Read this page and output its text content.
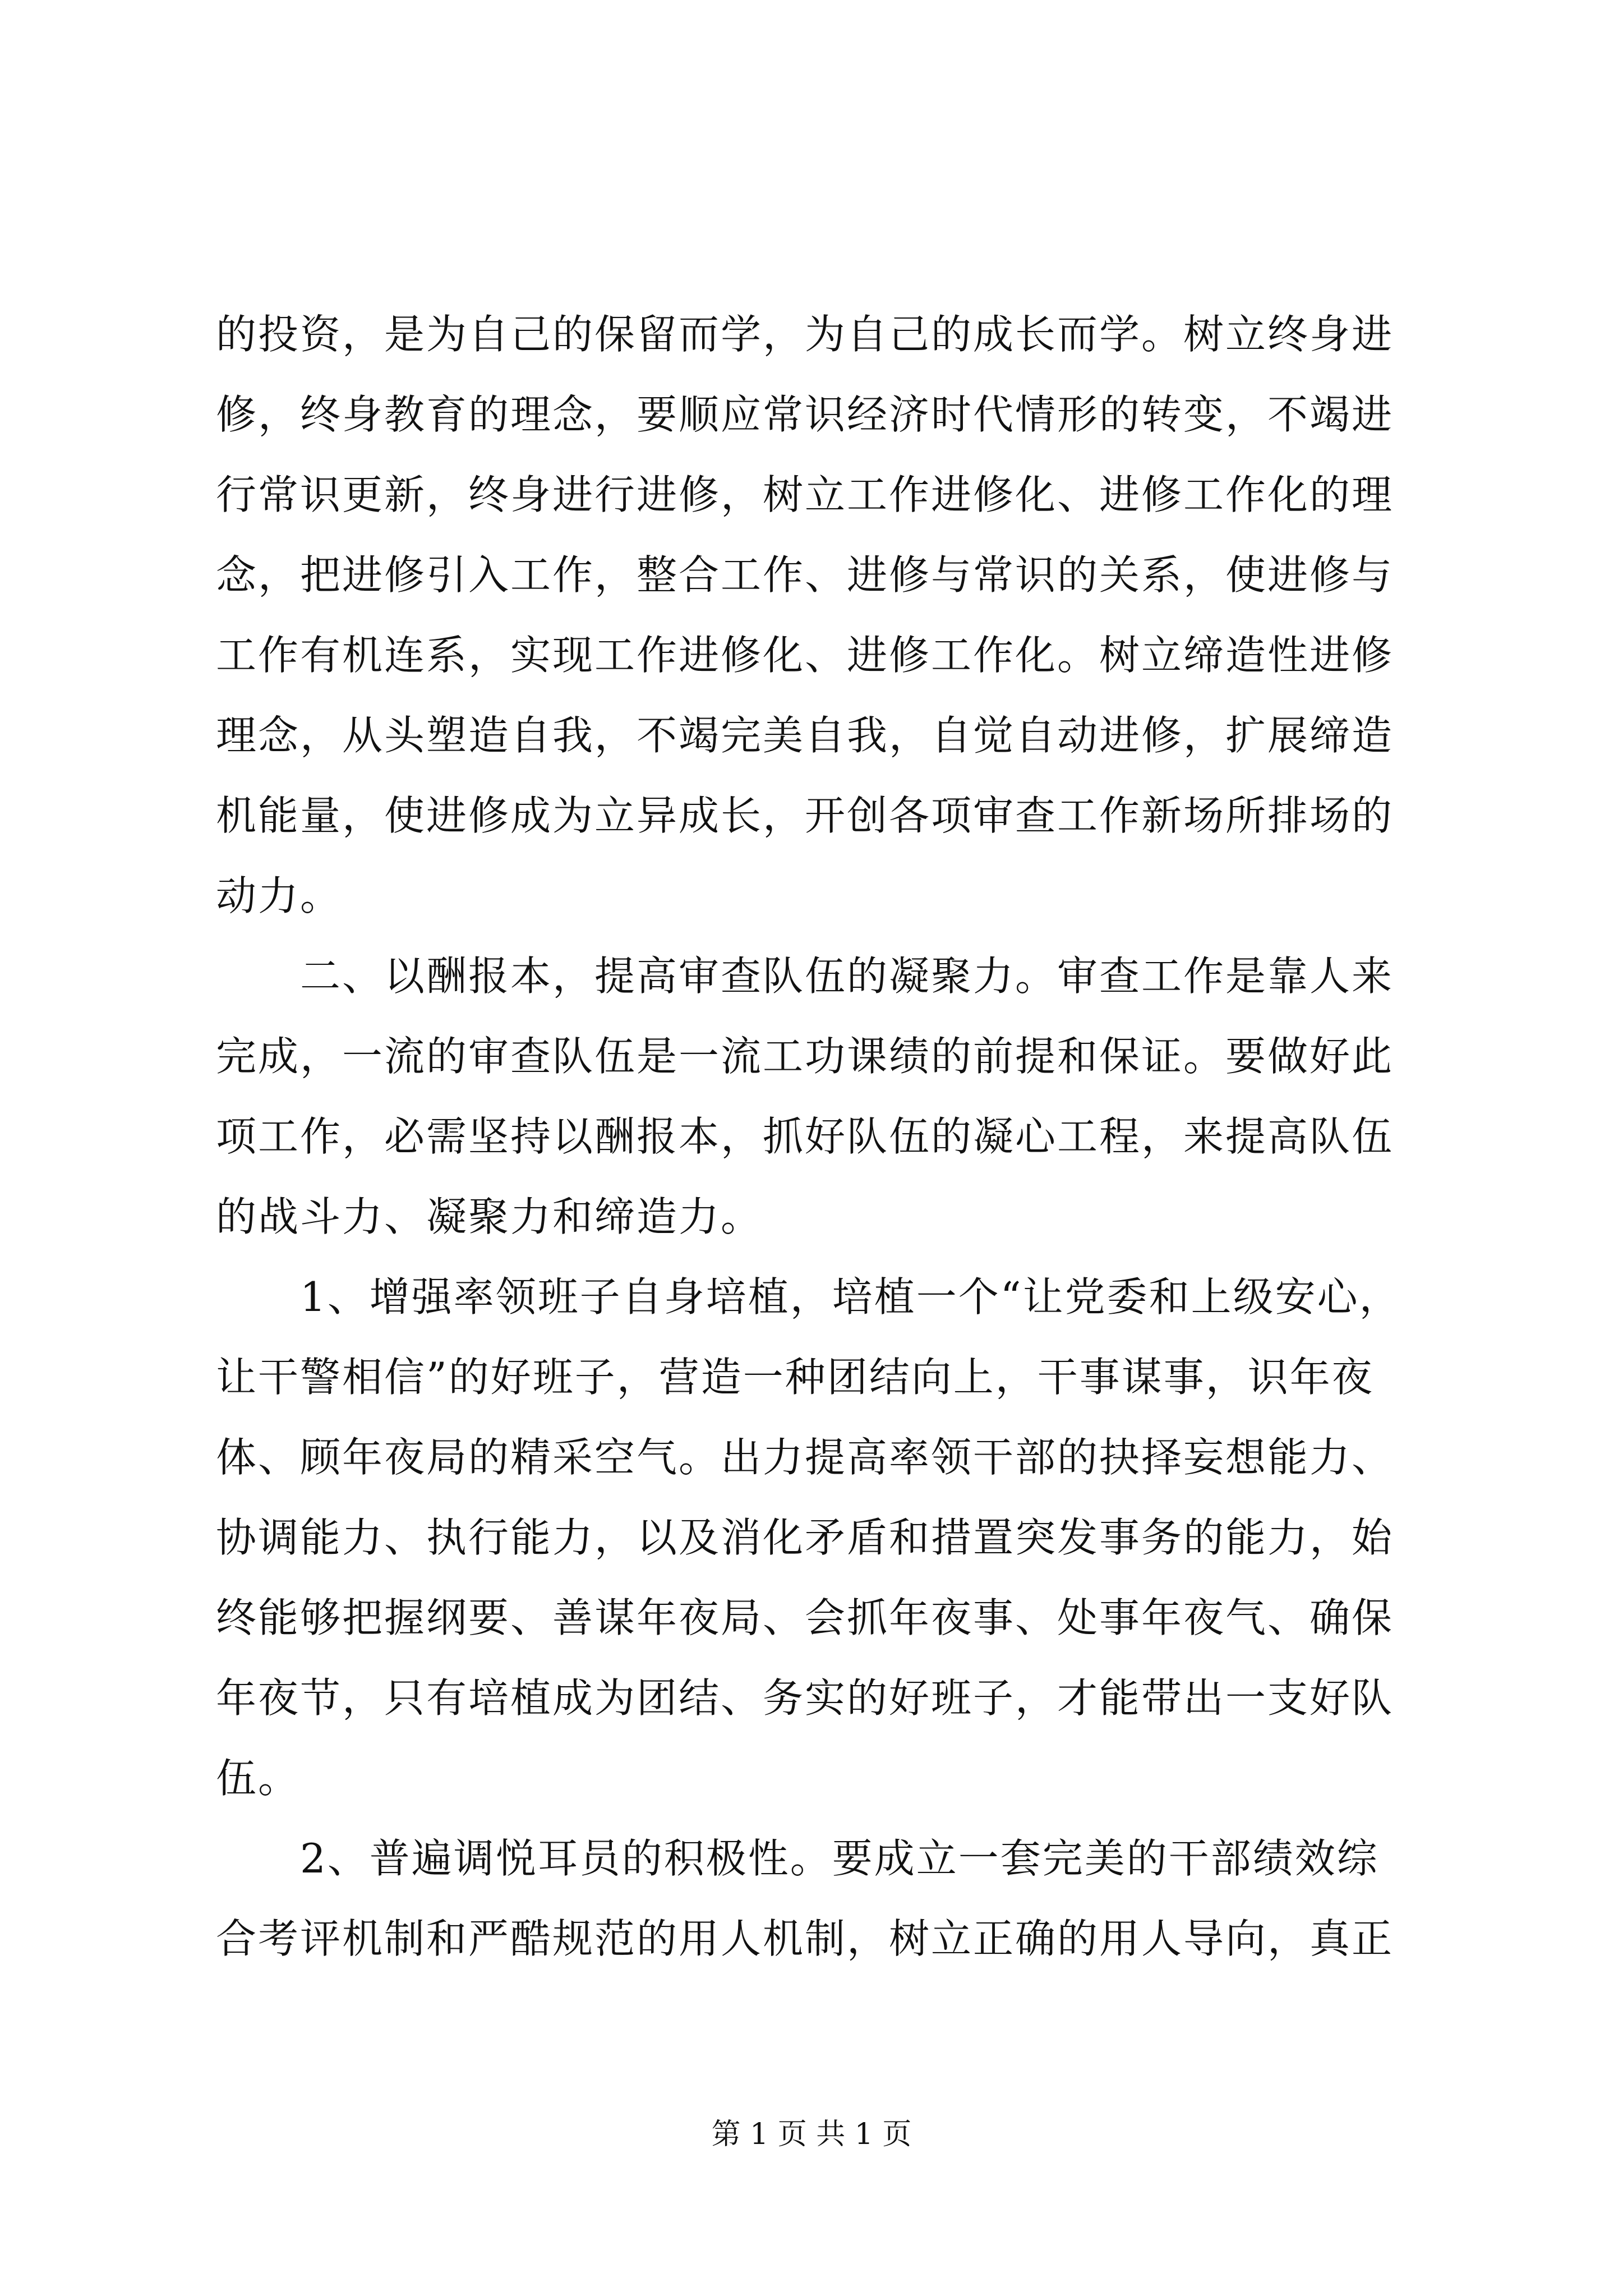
的投资，是为自己的保留而学，为自己的成长而学。树立终身进
修，终身教育的理念，要顺应常识经济时代情形的转变，不竭进
行常识更新，终身进行进修，树立工作进修化、进修工作化的理
念，把进修引入工作，整合工作、进修与常识的关系，使进修与
工作有机连系，实现工作进修化、进修工作化。树立缔造性进修
理念，从头塑造自我，不竭完美自我，自觉自动进修，扩展缔造
机能量，使进修成为立异成长，开创各项审查工作新场所排场的
动力。
　　二、以酬报本，提高审查队伍的凝聚力。审查工作是靠人来
完成，一流的审查队伍是一流工功课绩的前提和保证。要做好此
项工作，必需坚持以酬报本，抓好队伍的凝心工程，来提高队伍
的战斗力、凝聚力和缔造力。
　　1、增强率领班子自身培植，培植一个“让党委和上级安心，
让干警相信”的好班子，营造一种团结向上，干事谋事，识年夜
体、顾年夜局的精采空气。出力提高率领干部的抉择妄想能力、
协调能力、执行能力，以及消化矛盾和措置突发事务的能力，始
终能够把握纲要、善谋年夜局、会抓年夜事、处事年夜气、确保
年夜节，只有培植成为团结、务实的好班子，才能带出一支好队
伍。
　　2、普遍调悦耳员的积极性。要成立一套完美的干部绩效综
合考评机制和严酷规范的用人机制，树立正确的用人导向，真正
第 1 页 共 1 页
